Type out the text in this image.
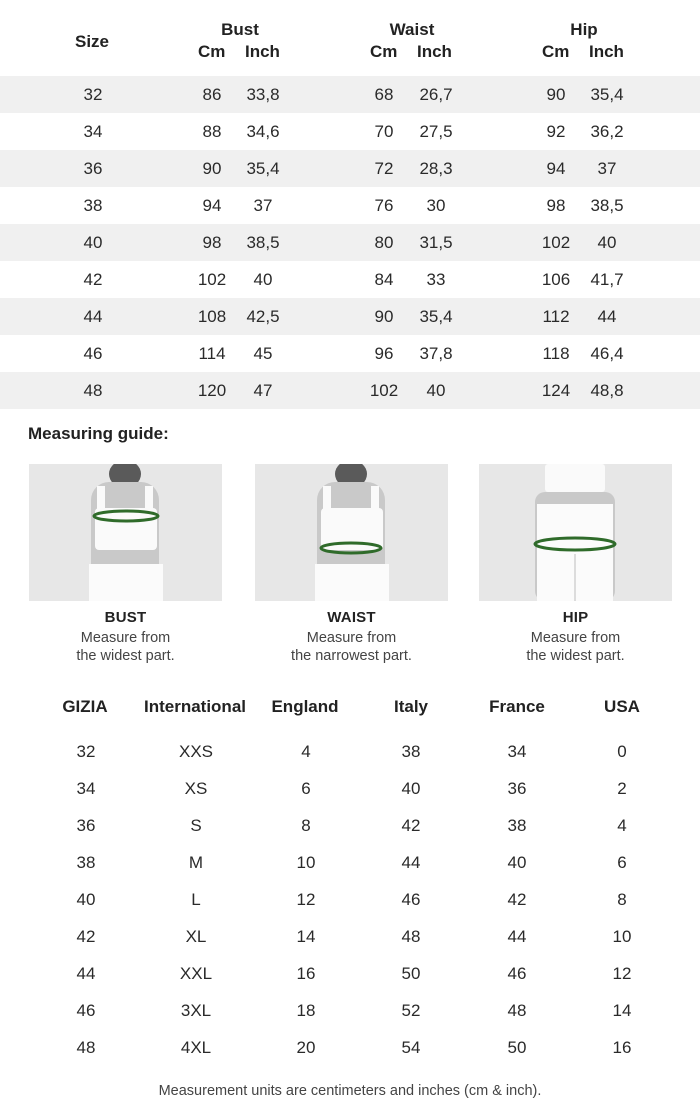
Size
Bust
Cm Inch
Waist
Cm Inch
Hip
Cm Inch
32	86	33,8	68	26,7	90	35,4
34	88	34,6	70	27,5	92	36,2
36	90	35,4	72	28,3	94	37
38	94	37	76	30	98	38,5
40	98	38,5	80	31,5	102	40
42	102	40	84	33	106	41,7
44	108	42,5	90	35,4	112	44
46	114	45	96	37,8	118	46,4
48	120	47	102	40	124	48,8
Measuring guide:
BUST
Measure from
the widest part.
WAIST
Measure from
the narrowest part.
HIP
Measure from
the widest part.
GIZIA	International	England	Italy	France	USA
32	XXS	4	38	34	0
34	XS	6	40	36	2
36	S	8	42	38	4
38	M	10	44	40	6
40	L	12	46	42	8
42	XL	14	48	44	10
44	XXL	16	50	46	12
46	3XL	18	52	48	14
48	4XL	20	54	50	16
Measurement units are centimeters and inches (cm & inch).
